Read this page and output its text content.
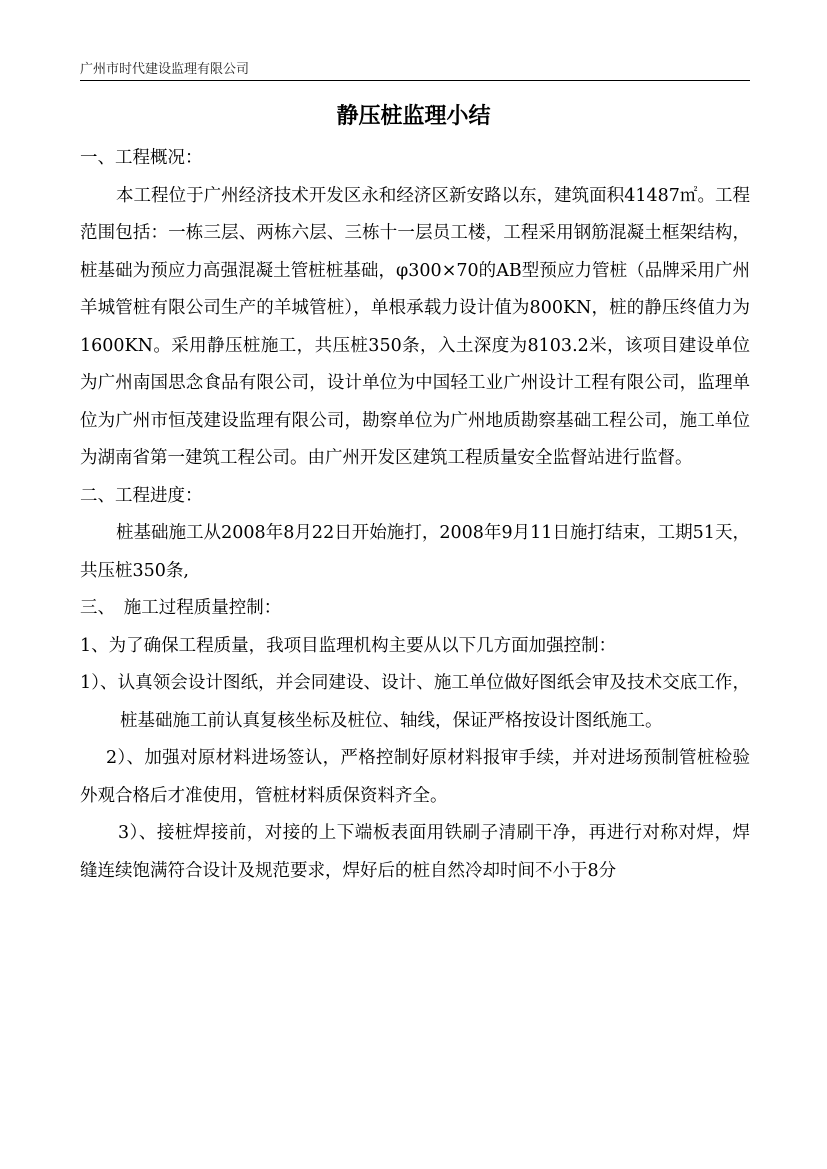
广州市时代建设监理有限公司
静压桩监理小结

一、工程概况：

本工程位于广州经济技术开发区永和经济区新安路以东，建筑面积41487㎡。工程范围包括：一栋三层、两栋六层、三栋十一层员工楼，工程采用钢筋混凝土框架结构，桩基础为预应力高强混凝土管桩桩基础，φ300×70的AB型预应力管桩（品牌采用广州羊城管桩有限公司生产的羊城管桩），单根承载力设计值为800KN，桩的静压终值力为1600KN。采用静压桩施工，共压桩350条，入土深度为8103.2米，该项目建设单位为广州南国思念食品有限公司，设计单位为中国轻工业广州设计工程有限公司，监理单位为广州市恒茂建设监理有限公司，勘察单位为广州地质勘察基础工程公司，施工单位为湖南省第一建筑工程公司。由广州开发区建筑工程质量安全监督站进行监督。

二、工程进度：

桩基础施工从2008年8月22日开始施打，2008年9月11日施打结束，工期51天，共压桩350条,

三、　施工过程质量控制：

1、为了确保工程质量，我项目监理机构主要从以下几方面加强控制：

1）、认真领会设计图纸，并会同建设、设计、施工单位做好图纸会审及技术交底工作，桩基础施工前认真复核坐标及桩位、轴线，保证严格按设计图纸施工。

2）、加强对原材料进场签认，严格控制好原材料报审手续，并对进场预制管桩检验外观合格后才准使用，管桩材料质保资料齐全。

3）、接桩焊接前，对接的上下端板表面用铁刷子清刷干净，再进行对称对焊，焊缝连续饱满符合设计及规范要求，焊好后的桩自然冷却时间不小于8分
